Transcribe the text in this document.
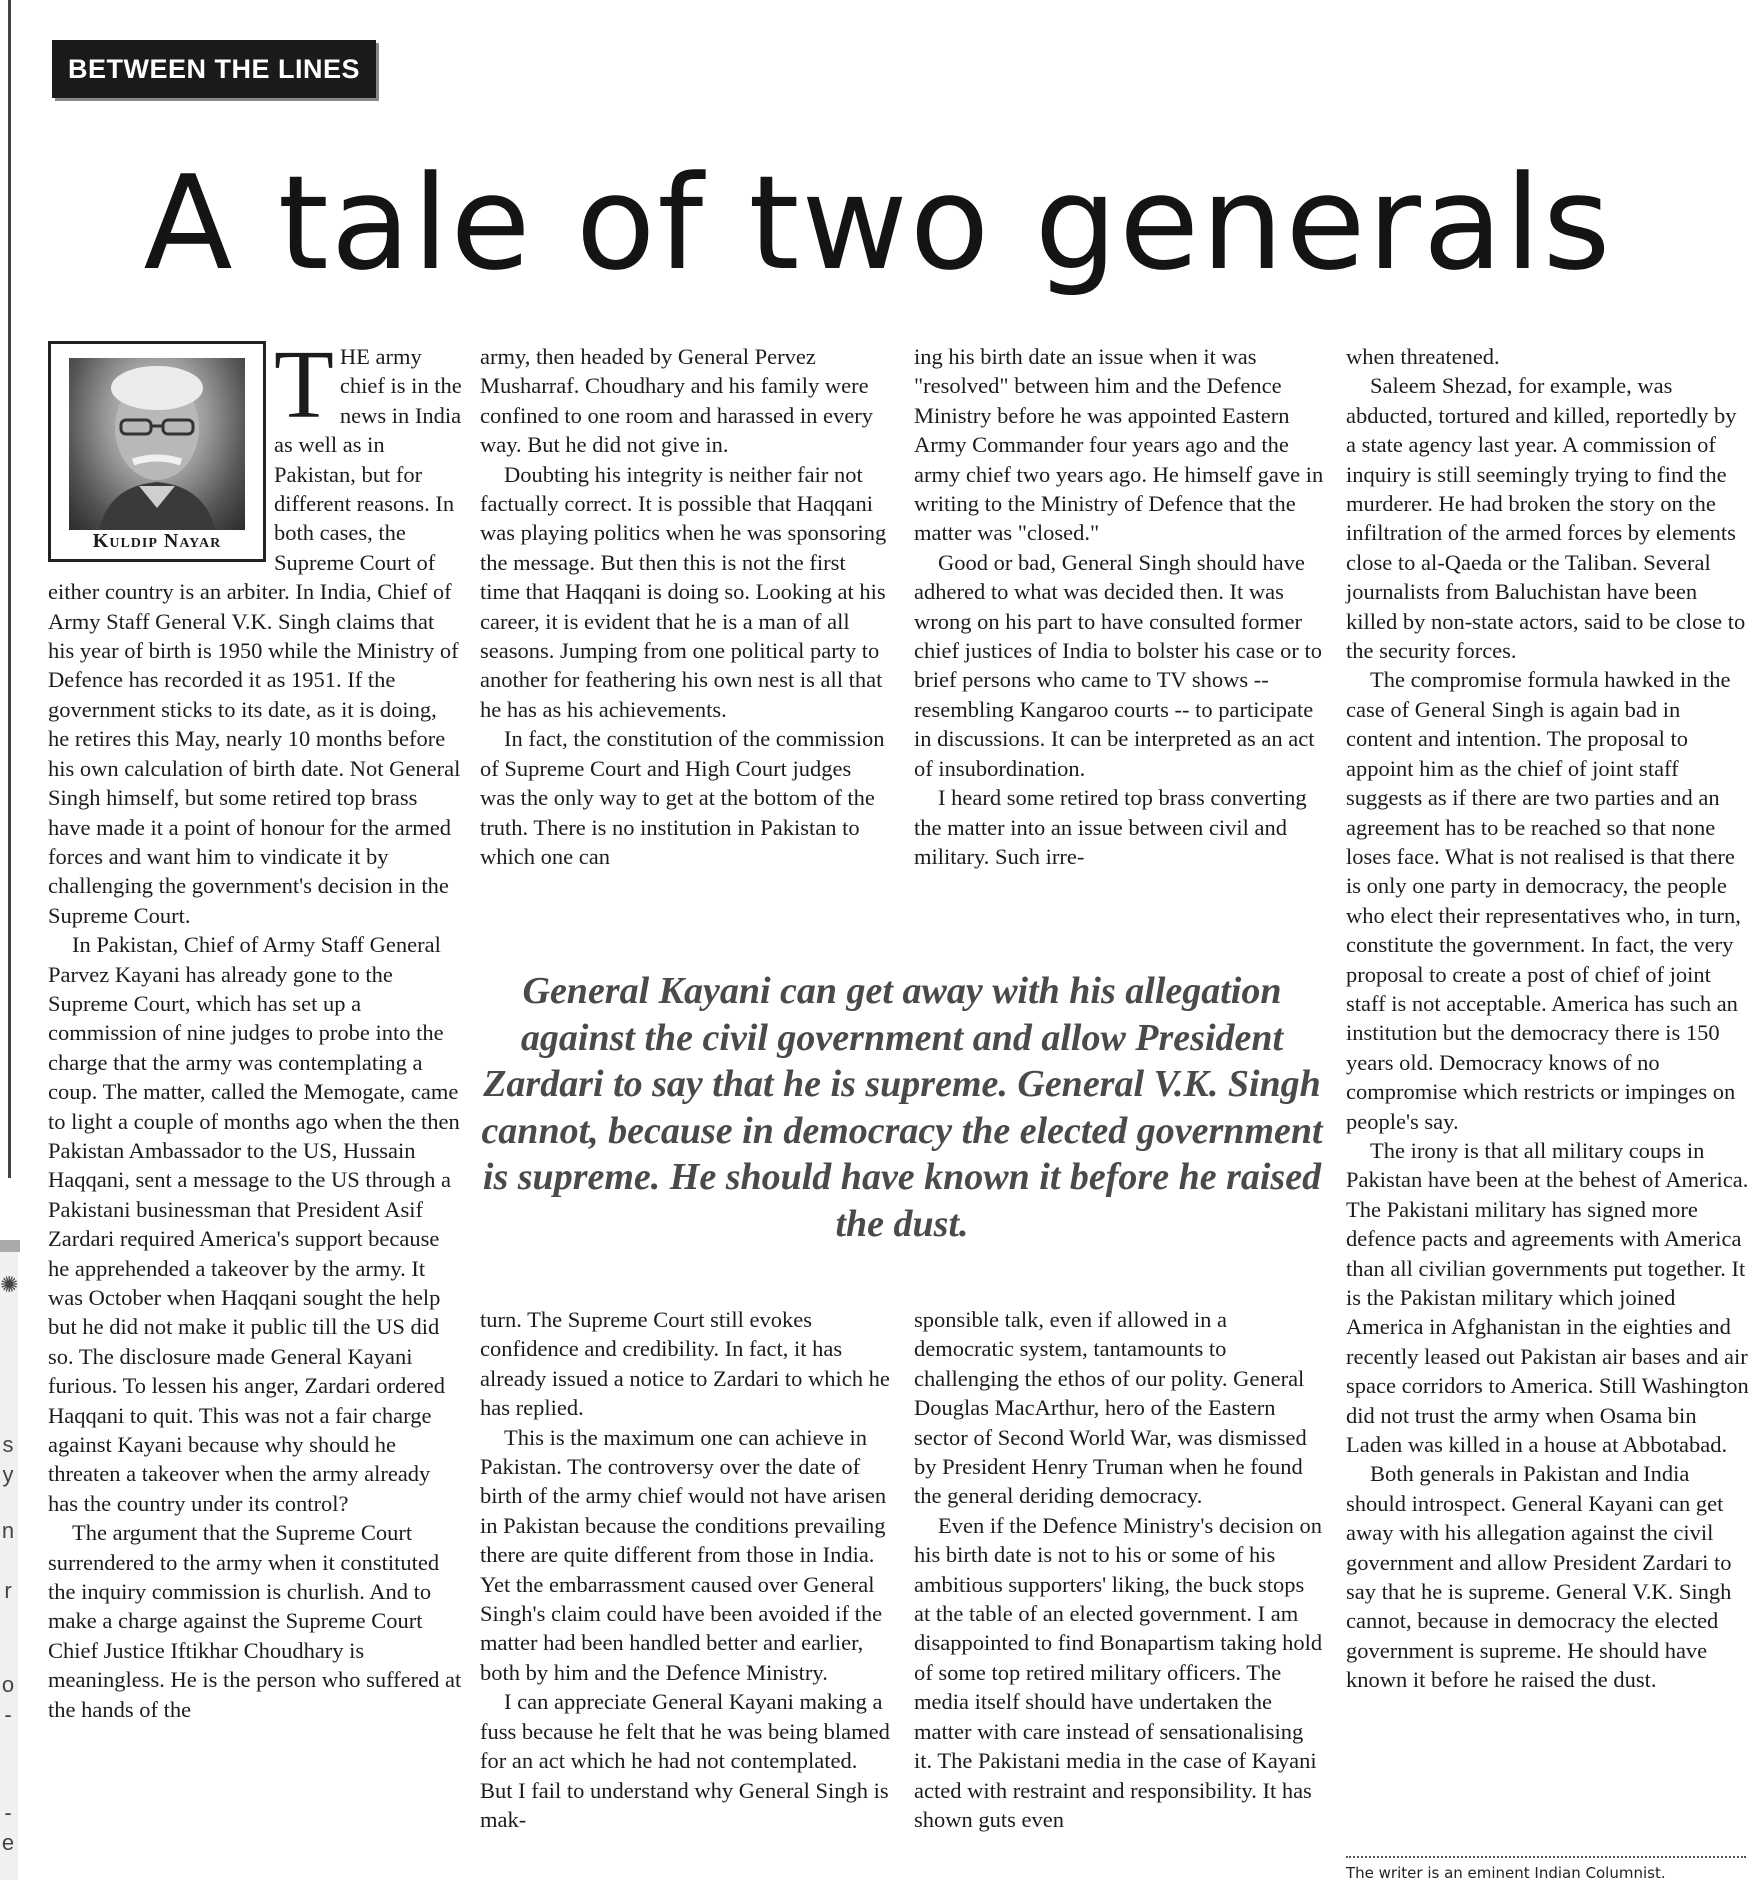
✺
s
y
n
r
o
-
-
e
BETWEEN THE LINES
A tale of two generals
Kuldip Nayar
T HE army chief is in the news in India as well as in Pakistan, but for different reasons. In both cases, the Supreme Court of either country is an arbiter. In India, Chief of Army Staff General V.K. Singh claims that his year of birth is 1950 while the Ministry of Defence has recorded it as 1951. If the government sticks to its date, as it is doing, he retires this May, nearly 10 months before his own calculation of birth date. Not General Singh himself, but some retired top brass have made it a point of honour for the armed forces and want him to vindicate it by challenging the government's decision in the Supreme Court.

In Pakistan, Chief of Army Staff General Parvez Kayani has already gone to the Supreme Court, which has set up a commission of nine judges to probe into the charge that the army was contemplating a coup. The matter, called the Memogate, came to light a couple of months ago when the then Pakistan Ambassador to the US, Hussain Haqqani, sent a message to the US through a Pakistani businessman that President Asif Zardari required America's support because he apprehended a takeover by the army. It was October when Haqqani sought the help but he did not make it public till the US did so. The disclosure made General Kayani furious. To lessen his anger, Zardari ordered Haqqani to quit. This was not a fair charge against Kayani because why should he threaten a takeover when the army already has the country under its control?

The argument that the Supreme Court surrendered to the army when it constituted the inquiry commission is churlish. And to make a charge against the Supreme Court Chief Justice Iftikhar Choudhary is meaningless. He is the person who suffered at the hands of the

army, then headed by General Pervez Musharraf. Choudhary and his family were confined to one room and harassed in every way. But he did not give in.

Doubting his integrity is neither fair not factually correct. It is possible that Haqqani was playing politics when he was sponsoring the message. But then this is not the first time that Haqqani is doing so. Looking at his career, it is evident that he is a man of all seasons. Jumping from one political party to another for feathering his own nest is all that he has as his achievements.

In fact, the constitution of the commission of Supreme Court and High Court judges was the only way to get at the bottom of the truth. There is no institution in Pakistan to which one can

ing his birth date an issue when it was "resolved" between him and the Defence Ministry before he was appointed Eastern Army Commander four years ago and the army chief two years ago. He himself gave in writing to the Ministry of Defence that the matter was "closed."

Good or bad, General Singh should have adhered to what was decided then. It was wrong on his part to have consulted former chief justices of India to bolster his case or to brief persons who came to TV shows -- resembling Kangaroo courts -- to participate in discussions. It can be interpreted as an act of insubordination.

I heard some retired top brass converting the matter into an issue between civil and military. Such irre-

General Kayani can get away with his allegation against the civil government and allow President Zardari to say that he is supreme. General V.K. Singh cannot, because in democracy the elected government is supreme. He should have known it before he raised the dust.

turn. The Supreme Court still evokes confidence and credibility. In fact, it has already issued a notice to Zardari to which he has replied.

This is the maximum one can achieve in Pakistan. The controversy over the date of birth of the army chief would not have arisen in Pakistan because the conditions prevailing there are quite different from those in India. Yet the embarrassment caused over General Singh's claim could have been avoided if the matter had been handled better and earlier, both by him and the Defence Ministry.

I can appreciate General Kayani making a fuss because he felt that he was being blamed for an act which he had not contemplated. But I fail to understand why General Singh is mak-

sponsible talk, even if allowed in a democratic system, tantamounts to challenging the ethos of our polity. General Douglas MacArthur, hero of the Eastern sector of Second World War, was dismissed by President Henry Truman when he found the general deriding democracy.

Even if the Defence Ministry's decision on his birth date is not to his or some of his ambitious supporters' liking, the buck stops at the table of an elected government. I am disappointed to find Bonapartism taking hold of some top retired military officers. The media itself should have undertaken the matter with care instead of sensationalising it. The Pakistani media in the case of Kayani acted with restraint and responsibility. It has shown guts even

when threatened.

Saleem Shezad, for example, was abducted, tortured and killed, reportedly by a state agency last year. A commission of inquiry is still seemingly trying to find the murderer. He had broken the story on the infiltration of the armed forces by elements close to al-Qaeda or the Taliban. Several journalists from Baluchistan have been killed by non-state actors, said to be close to the security forces.

The compromise formula hawked in the case of General Singh is again bad in content and intention. The proposal to appoint him as the chief of joint staff suggests as if there are two parties and an agreement has to be reached so that none loses face. What is not realised is that there is only one party in democracy, the people who elect their representatives who, in turn, constitute the government. In fact, the very proposal to create a post of chief of joint staff is not acceptable. America has such an institution but the democracy there is 150 years old. Democracy knows of no compromise which restricts or impinges on people's say.

The irony is that all military coups in Pakistan have been at the behest of America. The Pakistani military has signed more defence pacts and agreements with America than all civilian governments put together. It is the Pakistan military which joined America in Afghanistan in the eighties and recently leased out Pakistan air bases and air space corridors to America. Still Washington did not trust the army when Osama bin Laden was killed in a house at Abbotabad.

Both generals in Pakistan and India should introspect. General Kayani can get away with his allegation against the civil government and allow President Zardari to say that he is supreme. General V.K. Singh cannot, because in democracy the elected government is supreme. He should have known it before he raised the dust.

The writer is an eminent Indian Columnist.
